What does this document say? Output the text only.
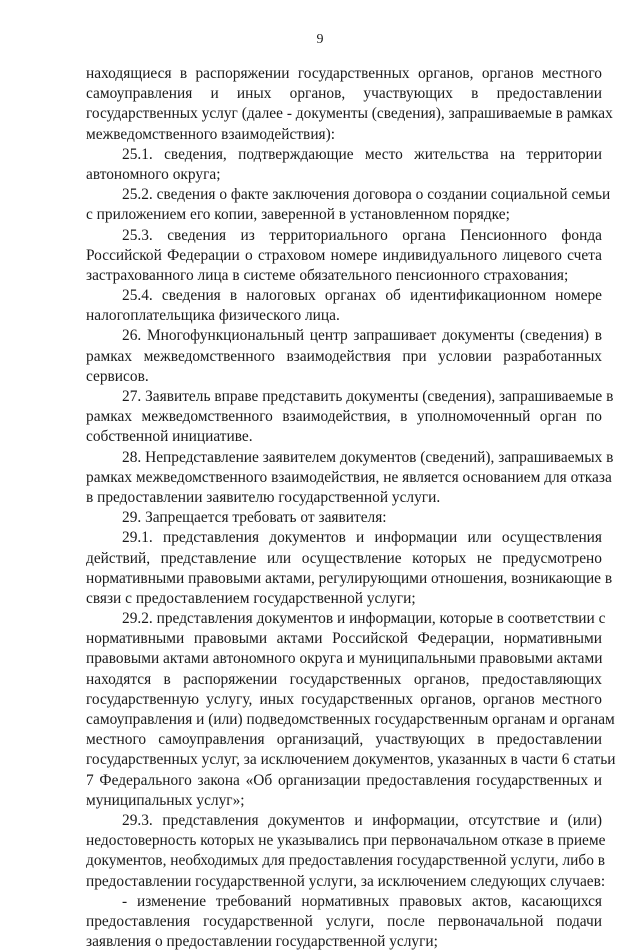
9
находящиеся в распоряжении государственных органов, органов местного
самоуправления и иных органов, участвующих в предоставлении
государственных услуг (далее - документы (сведения), запрашиваемые в рамках
межведомственного взаимодействия):
25.1. сведения, подтверждающие место жительства на территории
автономного округа;
25.2. сведения о факте заключения договора о создании социальной семьи
с приложением его копии, заверенной в установленном порядке;
25.3. сведения из территориального органа Пенсионного фонда
Российской Федерации о страховом номере индивидуального лицевого счета
застрахованного лица в системе обязательного пенсионного страхования;
25.4. сведения в налоговых органах об идентификационном номере
налогоплательщика физического лица.
26. Многофункциональный центр запрашивает документы (сведения) в
рамках межведомственного взаимодействия при условии разработанных
сервисов.
27. Заявитель вправе представить документы (сведения), запрашиваемые в
рамках межведомственного взаимодействия, в уполномоченный орган по
собственной инициативе.
28. Непредставление заявителем документов (сведений), запрашиваемых в
рамках межведомственного взаимодействия, не является основанием для отказа
в предоставлении заявителю государственной услуги.
29. Запрещается требовать от заявителя:
29.1. представления документов и информации или осуществления
действий, представление или осуществление которых не предусмотрено
нормативными правовыми актами, регулирующими отношения, возникающие в
связи с предоставлением государственной услуги;
29.2. представления документов и информации, которые в соответствии с
нормативными правовыми актами Российской Федерации, нормативными
правовыми актами автономного округа и муниципальными правовыми актами
находятся в распоряжении государственных органов, предоставляющих
государственную услугу, иных государственных органов, органов местного
самоуправления и (или) подведомственных государственным органам и органам
местного самоуправления организаций, участвующих в предоставлении
государственных услуг, за исключением документов, указанных в части 6 статьи
7 Федерального закона «Об организации предоставления государственных и
муниципальных услуг»;
29.3. представления документов и информации, отсутствие и (или)
недостоверность которых не указывались при первоначальном отказе в приеме
документов, необходимых для предоставления государственной услуги, либо в
предоставлении государственной услуги, за исключением следующих случаев:
- изменение требований нормативных правовых актов, касающихся
предоставления государственной услуги, после первоначальной подачи
заявления о предоставлении государственной услуги;
